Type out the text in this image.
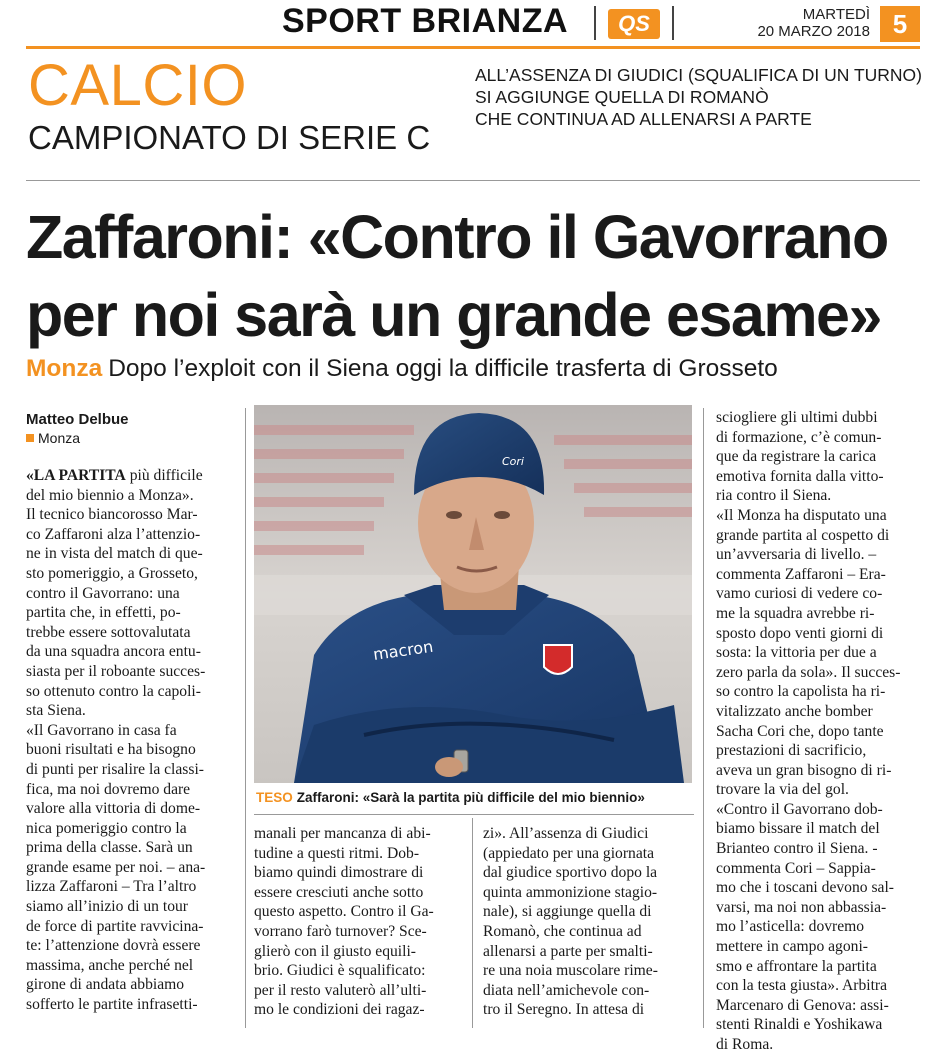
SPORT BRIANZA	QS	MARTEDÌ
20 MARZO 2018 5
CALCIO
CAMPIONATO DI SERIE C
ALL’ASSENZA DI GIUDICI (SQUALIFICA DI UN TURNO)
SI AGGIUNGE QUELLA DI ROMANÒ
CHE CONTINUA AD ALLENARSI A PARTE
Zaffaroni: «Contro il Gavorrano
per noi sarà un grande esame»
Monza Dopo l’exploit con il Siena oggi la difficile trasferta di Grosseto
Matteo Delbue
Monza

«LA PARTITA più difficile

del mio biennio a Monza».

Il tecnico biancorosso Mar-

co Zaffaroni alza l’attenzio-

ne in vista del match di que-

sto pomeriggio, a Grosseto,

contro il Gavorrano: una

partita che, in effetti, po-

trebbe essere sottovalutata

da una squadra ancora entu-

siasta per il roboante succes-

so ottenuto contro la capoli-

sta Siena.

«Il Gavorrano in casa fa

buoni risultati e ha bisogno

di punti per risalire la classi-

fica, ma noi dovremo dare

valore alla vittoria di dome-

nica pomeriggio contro la

prima della classe. Sarà un

grande esame per noi. – ana-

lizza Zaffaroni – Tra l’altro

siamo all’inizio di un tour

de force di partite ravvicina-

te: l’attenzione dovrà essere

massima, anche perché nel

girone di andata abbiamo

sofferto le partite infrasetti-

Cori
macron
TESO Zaffaroni: «Sarà la partita più difficile del mio biennio»

manali per mancanza di abi-

tudine a questi ritmi. Dob-

biamo quindi dimostrare di

essere cresciuti anche sotto

questo aspetto. Contro il Ga-

vorrano farò turnover? Sce-

glierò con il giusto equili-

brio. Giudici è squalificato:

per il resto valuterò all’ulti-

mo le condizioni dei ragaz-

zi». All’assenza di Giudici

(appiedato per una giornata

dal giudice sportivo dopo la

quinta ammonizione stagio-

nale), si aggiunge quella di

Romanò, che continua ad

allenarsi a parte per smalti-

re una noia muscolare rime-

diata nell’amichevole con-

tro il Seregno. In attesa di

sciogliere gli ultimi dubbi

di formazione, c’è comun-

que da registrare la carica

emotiva fornita dalla vitto-

ria contro il Siena.

«Il Monza ha disputato una

grande partita al cospetto di

un’avversaria di livello. –

commenta Zaffaroni – Era-

vamo curiosi di vedere co-

me la squadra avrebbe ri-

sposto dopo venti giorni di

sosta: la vittoria per due a

zero parla da sola». Il succes-

so contro la capolista ha ri-

vitalizzato anche bomber

Sacha Cori che, dopo tante

prestazioni di sacrificio,

aveva un gran bisogno di ri-

trovare la via del gol.

«Contro il Gavorrano dob-

biamo bissare il match del

Brianteo contro il Siena. -

commenta Cori – Sappia-

mo che i toscani devono sal-

varsi, ma noi non abbassia-

mo l’asticella: dovremo

mettere in campo agoni-

smo e affrontare la partita

con la testa giusta». Arbitra

Marcenaro di Genova: assi-

stenti Rinaldi e Yoshikawa

di Roma.
